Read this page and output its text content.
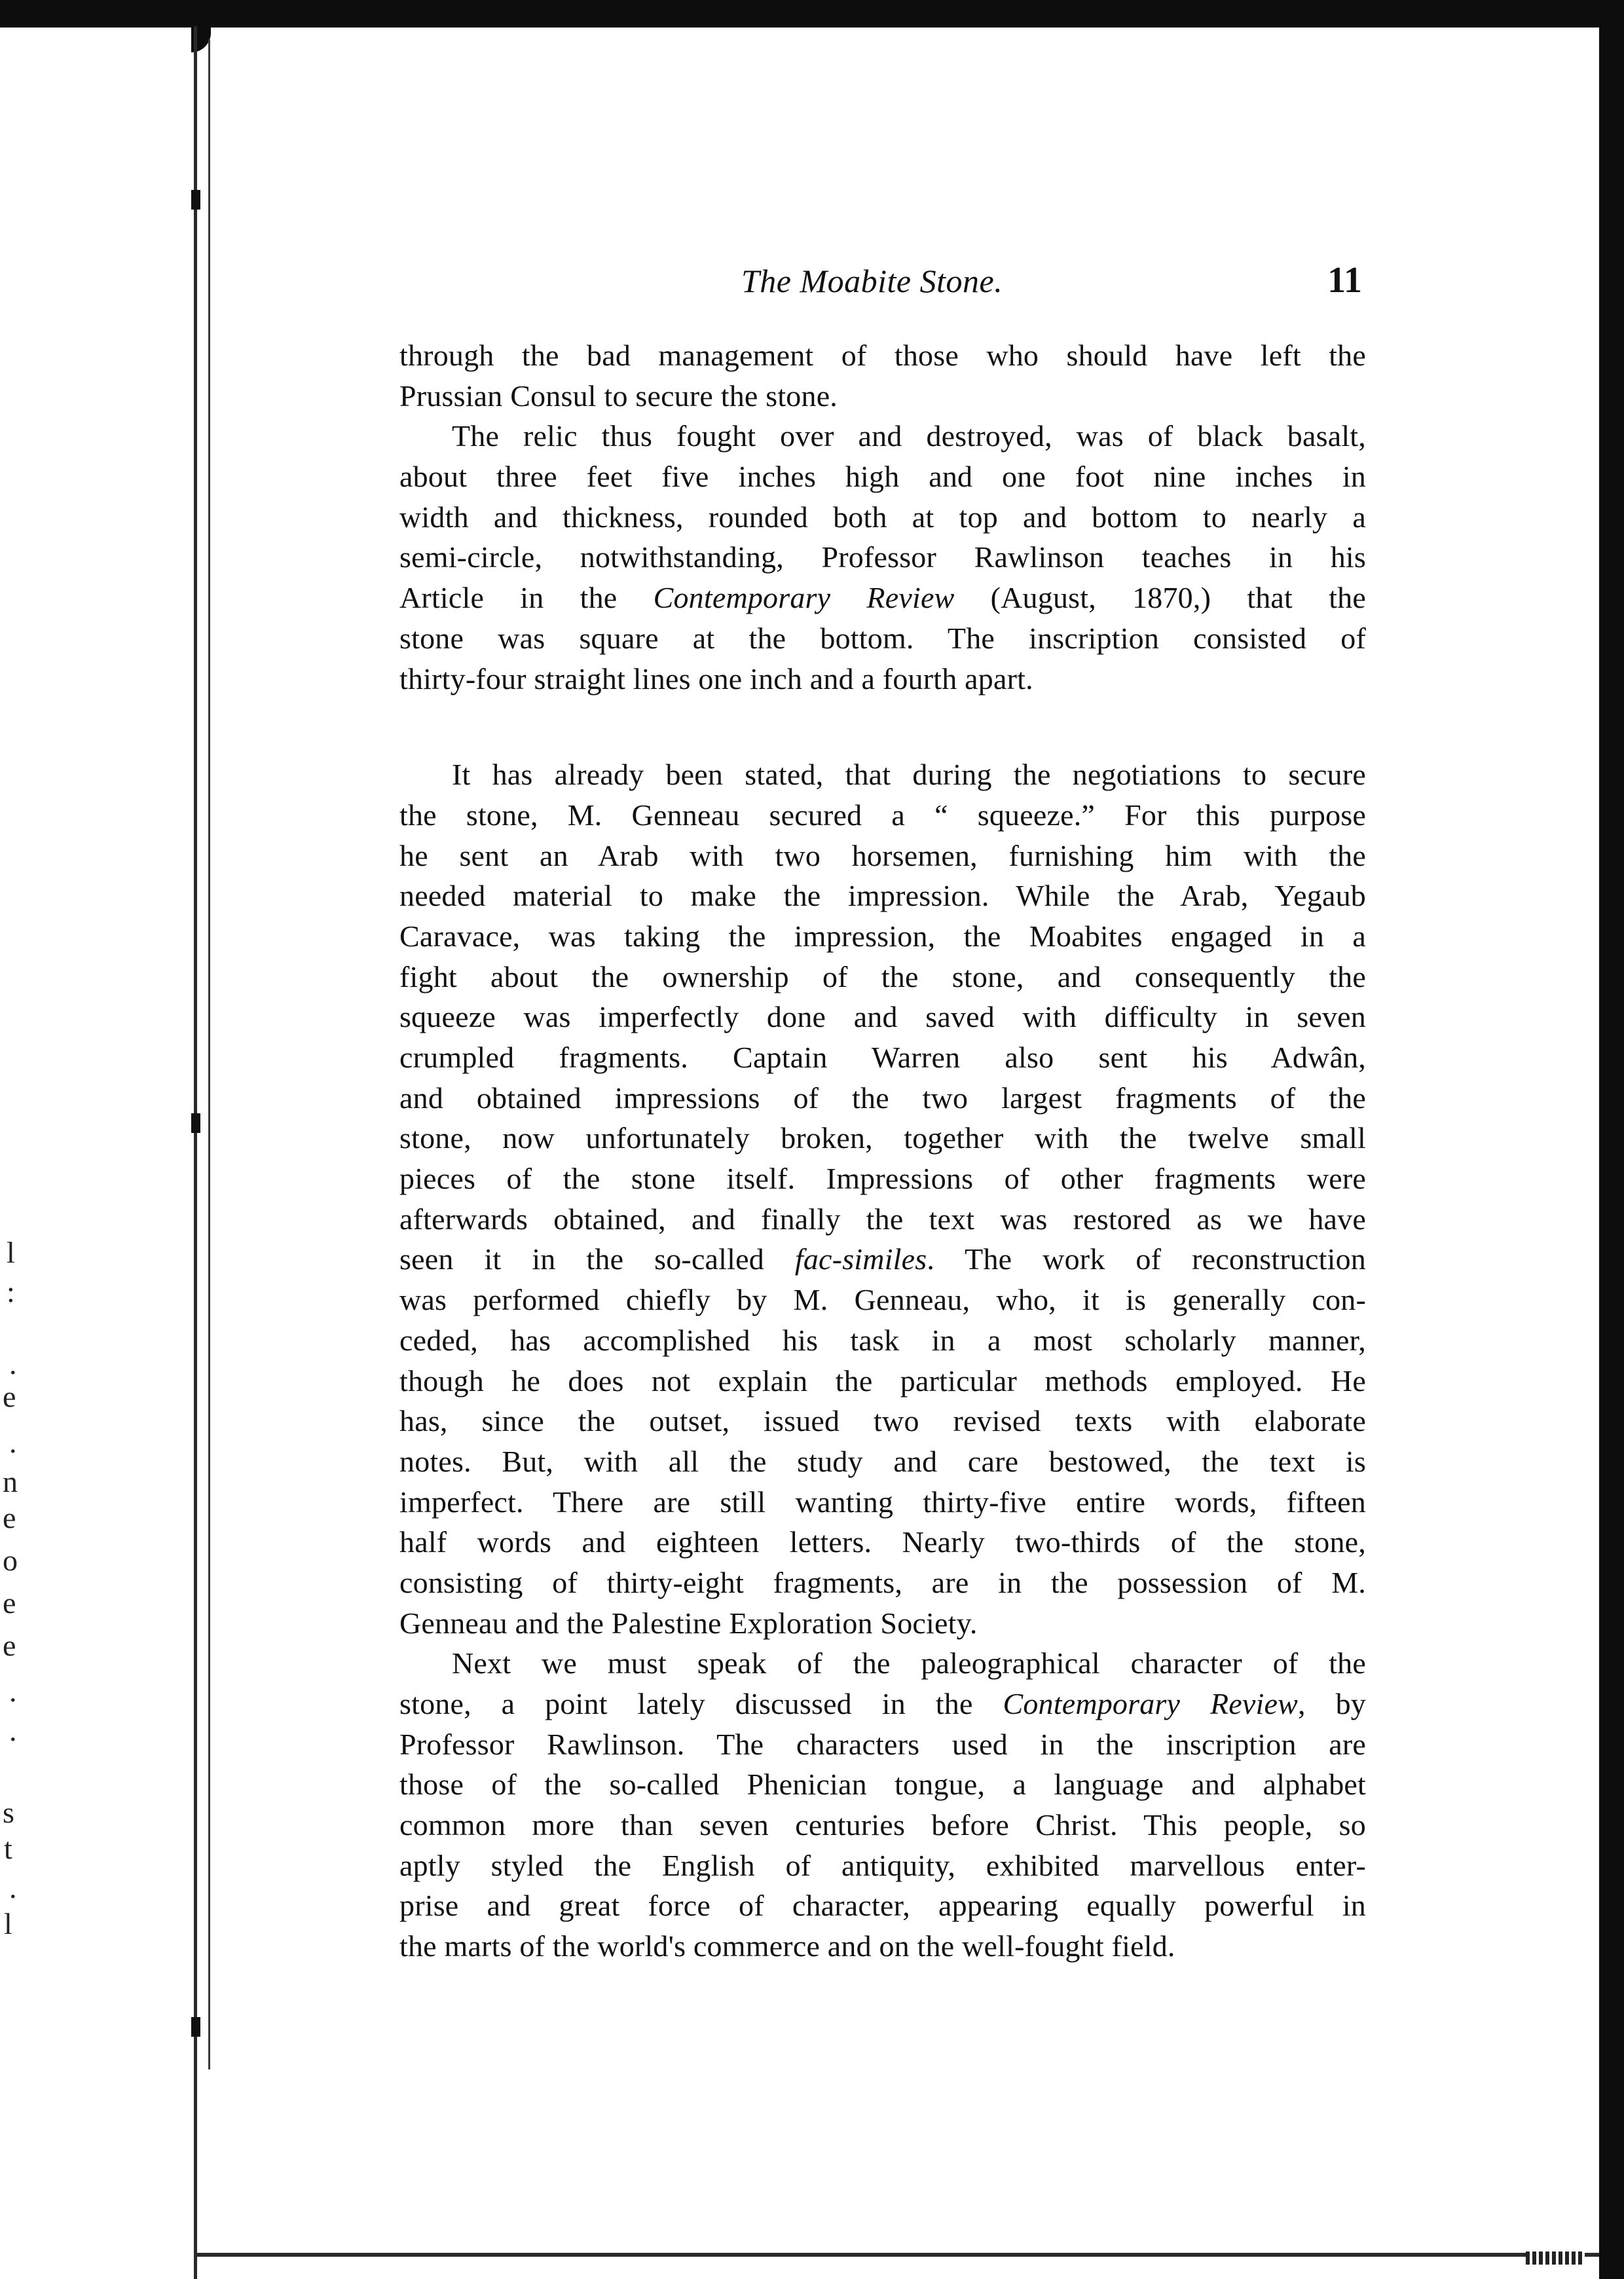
l
:
.
e
.
n
e
o
e
e
.
.
s
t
.
l
The Moabite Stone.	11
through the bad management of those who should have left the
Prussian Consul to secure the stone.
The relic thus fought over and destroyed, was of black basalt,
about three feet five inches high and one foot nine inches in
width and thickness, rounded both at top and bottom to nearly a
semi-circle, notwithstanding, Professor Rawlinson teaches in his
Article in the Contemporary Review (August, 1870,) that the
stone was square at the bottom. The inscription consisted of
thirty-four straight lines one inch and a fourth apart.
It has already been stated, that during the negotiations to secure
the stone, M. Genneau secured a “ squeeze.” For this purpose
he sent an Arab with two horsemen, furnishing him with the
needed material to make the impression. While the Arab, Yegaub
Caravace, was taking the impression, the Moabites engaged in a
fight about the ownership of the stone, and consequently the
squeeze was imperfectly done and saved with difficulty in seven
crumpled fragments. Captain Warren also sent his Adwân,
and obtained impressions of the two largest fragments of the
stone, now unfortunately broken, together with the twelve small
pieces of the stone itself. Impressions of other fragments were
afterwards obtained, and finally the text was restored as we have
seen it in the so-called fac-similes. The work of reconstruction
was performed chiefly by M. Genneau, who, it is generally con-
ceded, has accomplished his task in a most scholarly manner,
though he does not explain the particular methods employed. He
has, since the outset, issued two revised texts with elaborate
notes. But, with all the study and care bestowed, the text is
imperfect. There are still wanting thirty-five entire words, fifteen
half words and eighteen letters. Nearly two-thirds of the stone,
consisting of thirty-eight fragments, are in the possession of M.
Genneau and the Palestine Exploration Society.
Next we must speak of the paleographical character of the
stone, a point lately discussed in the Contemporary Review, by
Professor Rawlinson. The characters used in the inscription are
those of the so-called Phenician tongue, a language and alphabet
common more than seven centuries before Christ. This people, so
aptly styled the English of antiquity, exhibited marvellous enter-
prise and great force of character, appearing equally powerful in
the marts of the world's commerce and on the well-fought field.
